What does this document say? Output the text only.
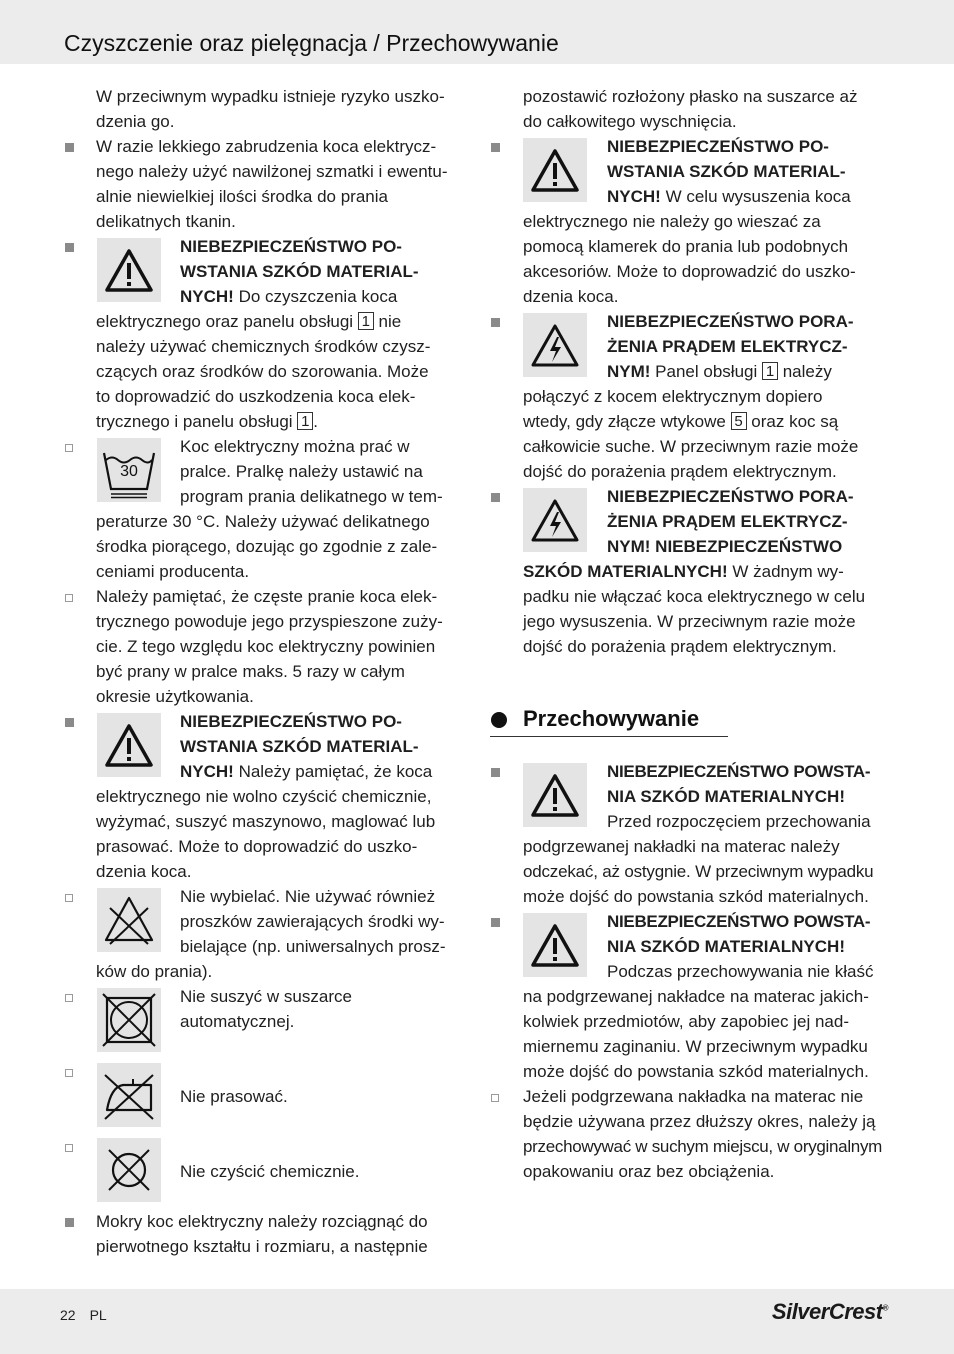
Czyszczenie oraz pielęgnacja / Przechowywanie
W przeciwnym wypadku istnieje ryzyko uszko-
dzenia go.
W razie lekkiego zabrudzenia koca elektrycz-
nego należy użyć nawilżonej szmatki i ewentu-
alnie niewielkiej ilości środka do prania
delikatnych tkanin.
NIEBEZPIECZEŃSTWO PO-
WSTANIA SZKÓD MATERIAL-
NYCH! Do czyszczenia koca
elektrycznego oraz panelu obsługi 1 nie
należy używać chemicznych środków czysz-
czących oraz środków do szorowania. Może
to doprowadzić do uszkodzenia koca elek-
trycznego i panelu obsługi 1 .
30
Koc elektryczny można prać w
pralce. Pralkę należy ustawić na
program prania delikatnego w tem-
peraturze 30 °C. Należy używać delikatnego
środka piorącego, dozując go zgodnie z zale-
ceniami producenta.
Należy pamiętać, że częste pranie koca elek-
trycznego powoduje jego przyspieszone zuży-
cie. Z tego względu koc elektryczny powinien
być prany w pralce maks. 5 razy w całym
okresie użytkowania.
NIEBEZPIECZEŃSTWO PO-
WSTANIA SZKÓD MATERIAL-
NYCH! Należy pamiętać, że koca
elektrycznego nie wolno czyścić chemicznie,
wyżymać, suszyć maszynowo, maglować lub
prasować. Może to doprowadzić do uszko-
dzenia koca.
Nie wybielać. Nie używać również
proszków zawierających środki wy-
bielające (np. uniwersalnych prosz-
ków do prania).
Nie suszyć w suszarce
automatycznej.
Nie prasować.
Nie czyścić chemicznie.
Mokry koc elektryczny należy rozciągnąć do
pierwotnego kształtu i rozmiaru, a następnie
pozostawić rozłożony płasko na suszarce aż
do całkowitego wyschnięcia.
NIEBEZPIECZEŃSTWO PO-
WSTANIA SZKÓD MATERIAL-
NYCH! W celu wysuszenia koca
elektrycznego nie należy go wieszać za
pomocą klamerek do prania lub podobnych
akcesoriów. Może to doprowadzić do uszko-
dzenia koca.
NIEBEZPIECZEŃSTWO PORA-
ŻENIA PRĄDEM ELEKTRYCZ-
NYM! Panel obsługi 1 należy
połączyć z kocem elektrycznym dopiero
wtedy, gdy złącze wtykowe 5 oraz koc są
całkowicie suche. W przeciwnym razie może
dojść do porażenia prądem elektrycznym.
NIEBEZPIECZEŃSTWO PORA-
ŻENIA PRĄDEM ELEKTRYCZ-
NYM! NIEBEZPIECZEŃSTWO
SZKÓD MATERIALNYCH! W żadnym wy-
padku nie włączać koca elektrycznego w celu
jego wysuszenia. W przeciwnym razie może
dojść do porażenia prądem elektrycznym.
Przechowywanie
NIEBEZPIECZEŃSTWO POWSTA-
NIA SZKÓD MATERIALNYCH!
Przed rozpoczęciem przechowania
podgrzewanej nakładki na materac należy
odczekać, aż ostygnie. W przeciwnym wypadku
może dojść do powstania szkód materialnych.
NIEBEZPIECZEŃSTWO POWSTA-
NIA SZKÓD MATERIALNYCH!
Podczas przechowywania nie kłaść
na podgrzewanej nakładce na materac jakich-
kolwiek przedmiotów, aby zapobiec jej nad-
miernemu zaginaniu. W przeciwnym wypadku
może dojść do powstania szkód materialnych.
Jeżeli podgrzewana nakładka na materac nie
będzie używana przez dłuższy okres, należy ją
przechowywać w suchym miejscu, w oryginalnym
opakowaniu oraz bez obciążenia.
22 PL	SilverCrest®
